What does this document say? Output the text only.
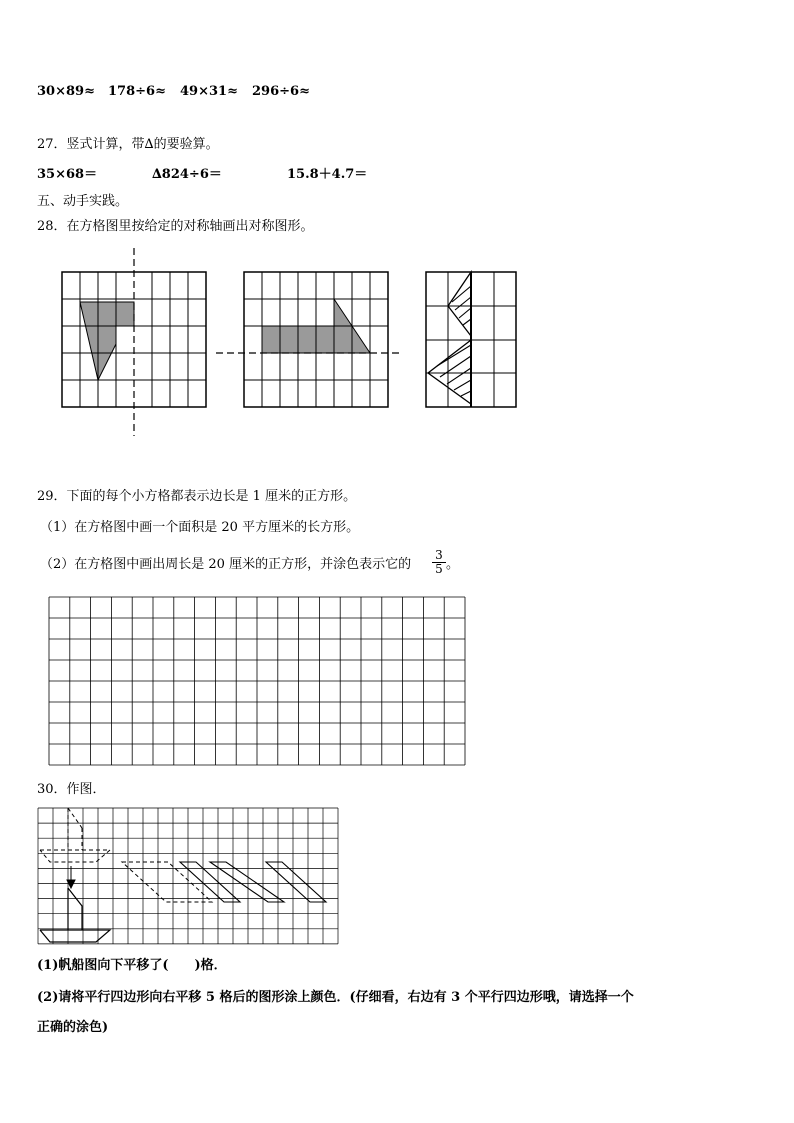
30×89≈ 178÷6≈ 49×31≈ 296÷6≈
27．竖式计算，带∆的要验算。
35×68＝	∆824÷6＝	15.8＋4.7＝
五、动手实践。
28．在方格图里按给定的对称轴画出对称图形。
29．下面的每个小方格都表示边长是 1 厘米的正方形。
（1）在方格图中画一个面积是 20 平方厘米的长方形。
（2）在方格图中画出周长是 20 厘米的正方形，并涂色表示它的 $\frac{3}{5}$ 。
30．作图．
(1)帆船图向下平移了(　　)格．
(2)请将平行四边形向右平移 5 格后的图形涂上颜色．(仔细看，右边有 3 个平行四边形哦，请选择一个
正确的涂色)
